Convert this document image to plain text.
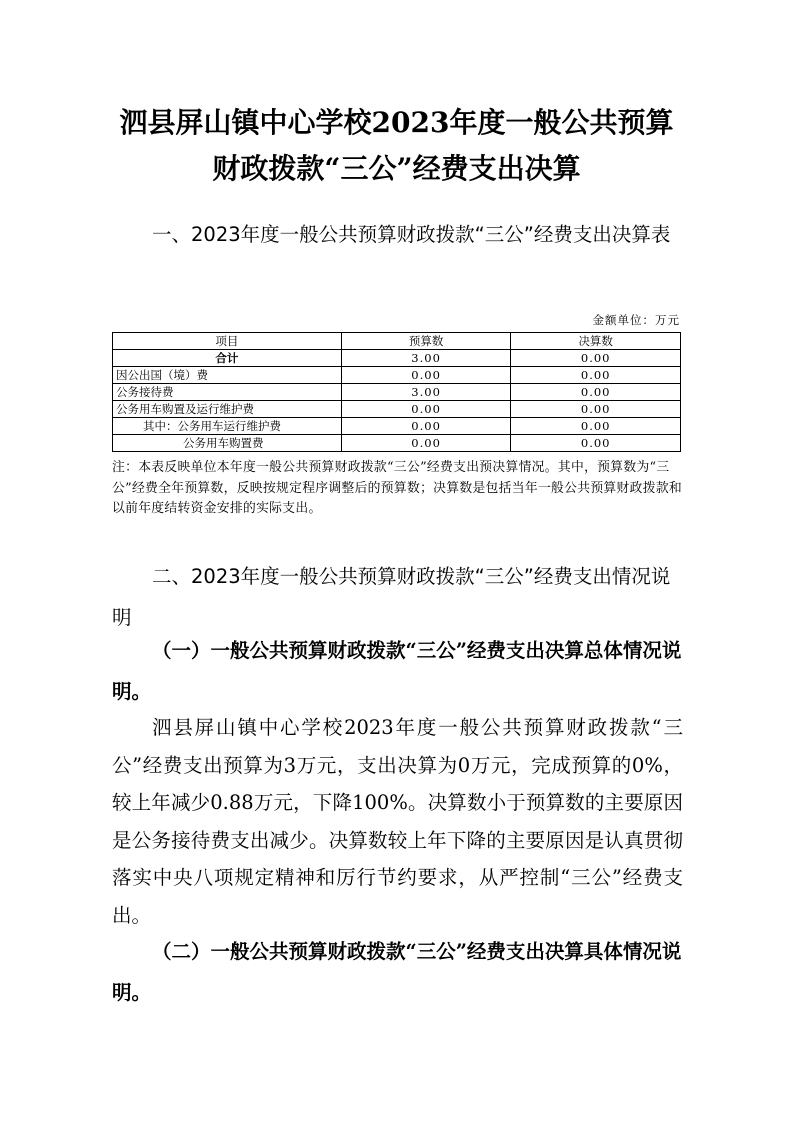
泗县屏山镇中心学校2023年度一般公共预算财政拨款“三公”经费支出决算

一、2023年度一般公共预算财政拨款“三公”经费支出决算表

金额单位：万元
项目	预算数	决算数
合计	3.00	0.00
因公出国（境）费	0.00	0.00
公务接待费	3.00	0.00
公务用车购置及运行维护费	0.00	0.00
其中：公务用车运行维护费	0.00	0.00
公务用车购置费	0.00	0.00

注：本表反映单位本年度一般公共预算财政拨款“三公”经费支出预决算情况。其中，预算数为“三公”经费全年预算数，反映按规定程序调整后的预算数；决算数是包括当年一般公共预算财政拨款和以前年度结转资金安排的实际支出。

二、2023年度一般公共预算财政拨款“三公”经费支出情况说明

（一）一般公共预算财政拨款“三公”经费支出决算总体情况说明。

泗县屏山镇中心学校2023年度一般公共预算财政拨款“三公”经费支出预算为3万元，支出决算为0万元，完成预算的0%，较上年减少0.88万元，下降100%。决算数小于预算数的主要原因是公务接待费支出减少。决算数较上年下降的主要原因是认真贯彻落实中央八项规定精神和厉行节约要求，从严控制“三公”经费支出。

（二）一般公共预算财政拨款“三公”经费支出决算具体情况说明。
